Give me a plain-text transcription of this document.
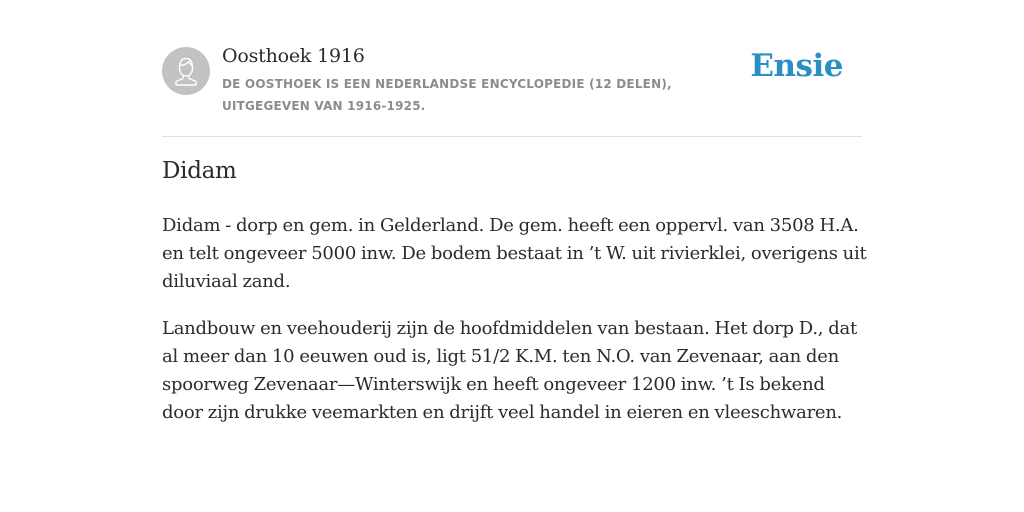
Oosthoek 1916
DE OOSTHOEK IS EEN NEDERLANDSE ENCYCLOPEDIE (12 DELEN), UITGEGEVEN VAN 1916-1925.
Ensie
Didam

Didam - dorp en gem. in Gelderland. De gem. heeft een oppervl. van 3508 H.A. en telt ongeveer 5000 inw. De bodem bestaat in ’t W. uit rivierklei, overigens uit diluviaal zand.

Landbouw en veehouderij zijn de hoofdmiddelen van bestaan. Het dorp D., dat al meer dan 10 eeuwen oud is, ligt 51/2 K.M. ten N.O. van Zevenaar, aan den spoorweg Zevenaar—Winterswijk en heeft ongeveer 1200 inw. ’t Is bekend door zijn drukke veemarkten en drijft veel handel in eieren en vleeschwaren.
